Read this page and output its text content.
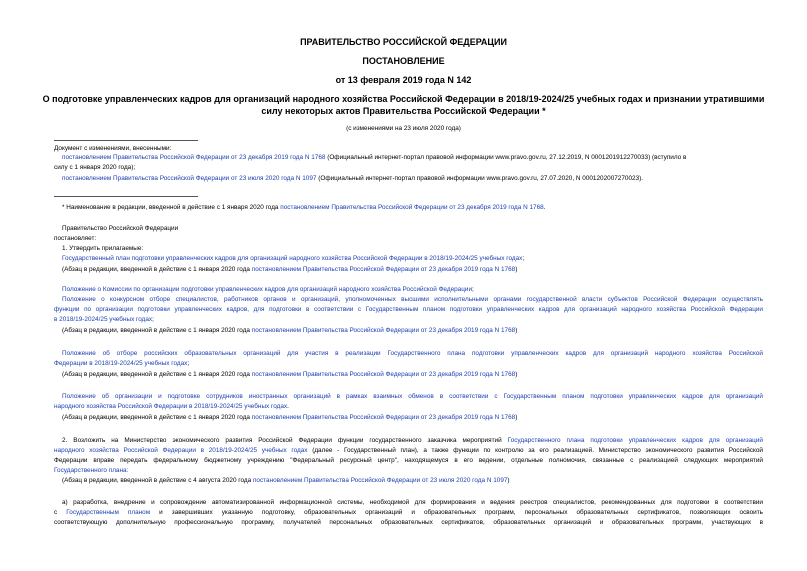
ПРАВИТЕЛЬСТВО РОССИЙСКОЙ ФЕДЕРАЦИИ
ПОСТАНОВЛЕНИЕ
от 13 февраля 2019 года N 142
О подготовке управленческих кадров для организаций народного хозяйства Российской Федерации в 2018/19-2024/25 учебных годах и признании утратившими
силу некоторых актов Правительства Российской Федерации *
(с изменениями на 23 июля 2020 года)
Документ с изменениями, внесенными:
постановлением Правительства Российской Федерации от 23 декабря 2019 года N 1768 (Официальный интернет-портал правовой информации www.pravo.gov.ru, 27.12.2019, N 0001201912270033) (вступило в
силу с 1 января 2020 года);
постановлением Правительства Российской Федерации от 23 июля 2020 года N 1097 (Официальный интернет-портал правовой информации www.pravo.gov.ru, 27.07.2020, N 0001202007270023).
* Наименование в редакции, введенной в действие с 1 января 2020 года постановлением Правительства Российской Федерации от 23 декабря 2019 года N 1768.
Правительство Российской Федерации
постановляет:
1. Утвердить прилагаемые:
Государственный план подготовки управленческих кадров для организаций народного хозяйства Российской Федерации в 2018/19-2024/25 учебных годах;
(Абзац в редакции, введенной в действие с 1 января 2020 года постановлением Правительства Российской Федерации от 23 декабря 2019 года N 1768)
Положение о Комиссии по организации подготовки управленческих кадров для организаций народного хозяйства Российской Федерации;
Положение о конкурсном отборе специалистов, работников органов и организаций, уполномоченных высшими исполнительными органами государственной власти субъектов Российской Федерации осуществлять
функции по организации подготовки управленческих кадров, для подготовки в соответствии с Государственным планом подготовки управленческих кадров для организаций народного хозяйства Российской Федерации
в 2018/19-2024/25 учебных годах;
(Абзац в редакции, введенной в действие с 1 января 2020 года постановлением Правительства Российской Федерации от 23 декабря 2019 года N 1768)
Положение об отборе российских образовательных организаций для участия в реализации Государственного плана подготовки управленческих кадров для организаций народного хозяйства Российской
Федерации в 2018/19-2024/25 учебных годах;
(Абзац в редакции, введенной в действие с 1 января 2020 года постановлением Правительства Российской Федерации от 23 декабря 2019 года N 1768)
Положение об организации и подготовке сотрудников иностранных организаций в рамках взаимных обменов в соответствии с Государственным планом подготовки управленческих кадров для организаций
народного хозяйства Российской Федерации в 2018/19-2024/25 учебных годах.
(Абзац в редакции, введенной в действие с 1 января 2020 года постановлением Правительства Российской Федерации от 23 декабря 2019 года N 1768)
2. Возложить на Министерство экономического развития Российской Федерации функции государственного заказчика мероприятий Государственного плана подготовки управленческих кадров для организаций
народного хозяйства Российской Федерации в 2018/19-2024/25 учебных годах (далее - Государственный план), а также функции по контролю за его реализацией. Министерство экономического развития Российской
Федерации вправе передать федеральному бюджетному учреждению "Федеральный ресурсный центр", находящемуся в его ведении, отдельные полномочия, связанные с реализацией следующих мероприятий
Государственного плана:
(Абзац в редакции, введенной в действие с 4 августа 2020 года постановлением Правительства Российской Федерации от 23 июля 2020 года N 1097)
а) разработка, внедрение и сопровождение автоматизированной информационной системы, необходимой для формирования и ведения реестров специалистов, рекомендованных для подготовки в соответствии
с Государственным планом и завершивших указанную подготовку, образовательных организаций и образовательных программ, персональных образовательных сертификатов, позволяющих освоить
соответствующую дополнительную профессиональную программу, получателей персональных образовательных сертификатов, образовательных организаций и образовательных программ, участвующих в
